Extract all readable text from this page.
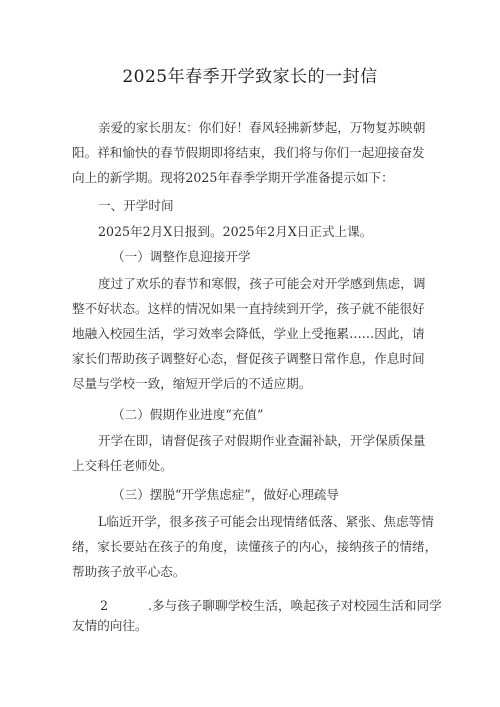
2025年春季开学致家长的一封信
亲爱的家长朋友：你们好！春风轻拂新梦起，万物复苏映朝
阳。祥和愉快的春节假期即将结束，我们将与你们一起迎接奋发
向上的新学期。现将2025年春季学期开学准备提示如下：
一、开学时间
2025年2月X日报到。2025年2月X日正式上课。
（一）调整作息迎接开学
度过了欢乐的春节和寒假，孩子可能会对开学感到焦虑，调
整不好状态。这样的情况如果一直持续到开学，孩子就不能很好
地融入校园生活，学习效率会降低，学业上受拖累……因此，请
家长们帮助孩子调整好心态，督促孩子调整日常作息，作息时间
尽量与学校一致，缩短开学后的不适应期。
（二）假期作业进度“充值”
开学在即，请督促孩子对假期作业查漏补缺，开学保质保量
上交科任老师处。
（三）摆脱“开学焦虑症”，做好心理疏导
L临近开学，很多孩子可能会出现情绪低落、紧张、焦虑等情
绪，家长要站在孩子的角度，读懂孩子的内心，接纳孩子的情绪，
帮助孩子放平心态。
2	.多与孩子聊聊学校生活，唤起孩子对校园生活和同学
友情的向往。
